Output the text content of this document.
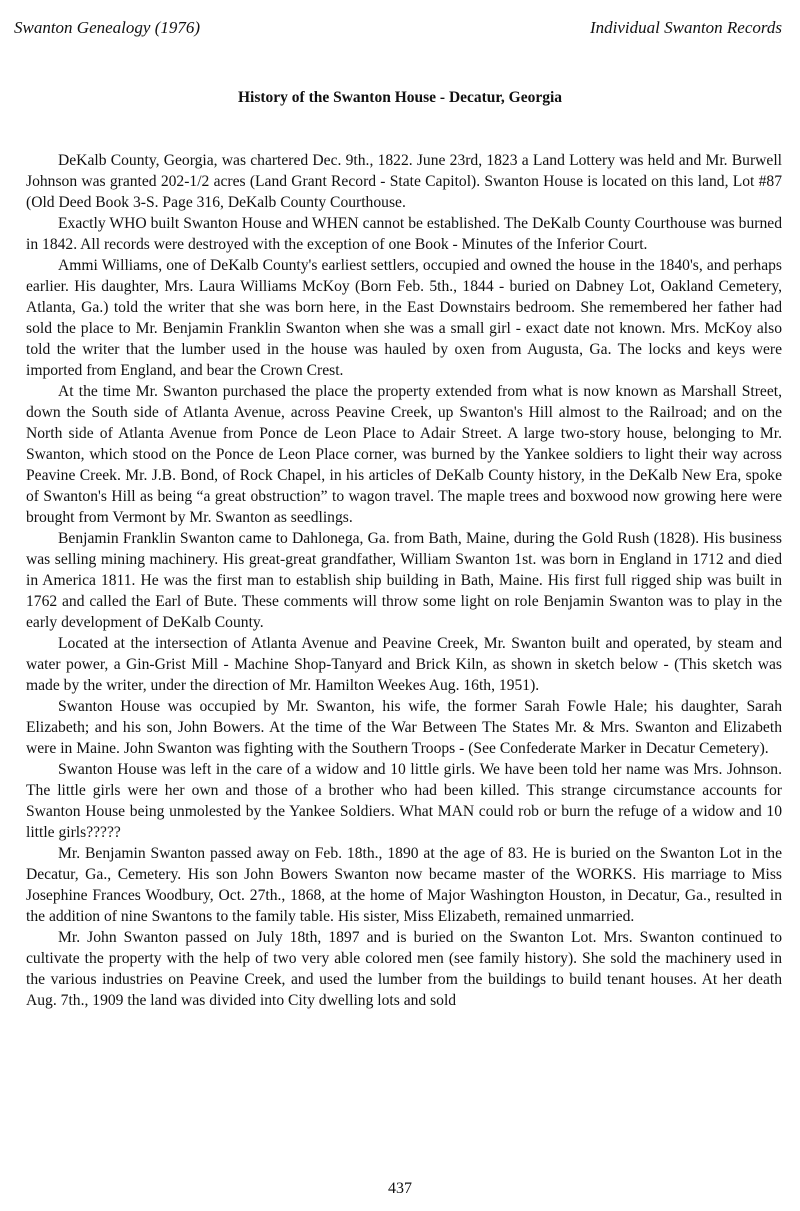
Swanton Genealogy (1976)	Individual Swanton Records
History of the Swanton House - Decatur, Georgia

DeKalb County, Georgia, was chartered Dec. 9th., 1822. June 23rd, 1823 a Land Lottery was held and Mr. Burwell Johnson was granted 202-1/2 acres (Land Grant Record - State Capitol). Swanton House is located on this land, Lot #87 (Old Deed Book 3-S. Page 316, DeKalb County Courthouse.

Exactly WHO built Swanton House and WHEN cannot be established. The DeKalb County Courthouse was burned in 1842. All records were destroyed with the exception of one Book - Minutes of the Inferior Court.

Ammi Williams, one of DeKalb County's earliest settlers, occupied and owned the house in the 1840's, and perhaps earlier. His daughter, Mrs. Laura Williams McKoy (Born Feb. 5th., 1844 - buried on Dabney Lot, Oakland Cemetery, Atlanta, Ga.) told the writer that she was born here, in the East Downstairs bedroom. She remembered her father had sold the place to Mr. Benjamin Franklin Swanton when she was a small girl - exact date not known. Mrs. McKoy also told the writer that the lumber used in the house was hauled by oxen from Augusta, Ga. The locks and keys were imported from England, and bear the Crown Crest.

At the time Mr. Swanton purchased the place the property extended from what is now known as Marshall Street, down the South side of Atlanta Avenue, across Peavine Creek, up Swanton's Hill almost to the Railroad; and on the North side of Atlanta Avenue from Ponce de Leon Place to Adair Street. A large two-story house, belonging to Mr. Swanton, which stood on the Ponce de Leon Place corner, was burned by the Yankee soldiers to light their way across Peavine Creek. Mr. J.B. Bond, of Rock Chapel, in his articles of DeKalb County history, in the DeKalb New Era, spoke of Swanton's Hill as being “a great obstruction” to wagon travel. The maple trees and boxwood now growing here were brought from Vermont by Mr. Swanton as seedlings.

Benjamin Franklin Swanton came to Dahlonega, Ga. from Bath, Maine, during the Gold Rush (1828). His business was selling mining machinery. His great-great grandfather, William Swanton 1st. was born in England in 1712 and died in America 1811. He was the first man to establish ship building in Bath, Maine. His first full rigged ship was built in 1762 and called the Earl of Bute. These comments will throw some light on role Benjamin Swanton was to play in the early development of DeKalb County.

Located at the intersection of Atlanta Avenue and Peavine Creek, Mr. Swanton built and operated, by steam and water power, a Gin-Grist Mill - Machine Shop-Tanyard and Brick Kiln, as shown in sketch below - (This sketch was made by the writer, under the direction of Mr. Hamilton Weekes Aug. 16th, 1951).

Swanton House was occupied by Mr. Swanton, his wife, the former Sarah Fowle Hale; his daughter, Sarah Elizabeth; and his son, John Bowers. At the time of the War Between The States Mr. & Mrs. Swanton and Elizabeth were in Maine. John Swanton was fighting with the Southern Troops - (See Confederate Marker in Decatur Cemetery).

Swanton House was left in the care of a widow and 10 little girls. We have been told her name was Mrs. Johnson. The little girls were her own and those of a brother who had been killed. This strange circumstance accounts for Swanton House being unmolested by the Yankee Soldiers. What MAN could rob or burn the refuge of a widow and 10 little girls?????

Mr. Benjamin Swanton passed away on Feb. 18th., 1890 at the age of 83. He is buried on the Swanton Lot in the Decatur, Ga., Cemetery. His son John Bowers Swanton now became master of the WORKS. His marriage to Miss Josephine Frances Woodbury, Oct. 27th., 1868, at the home of Major Washington Houston, in Decatur, Ga., resulted in the addition of nine Swantons to the family table. His sister, Miss Elizabeth, remained unmarried.

Mr. John Swanton passed on July 18th, 1897 and is buried on the Swanton Lot. Mrs. Swanton continued to cultivate the property with the help of two very able colored men (see family history). She sold the machinery used in the various industries on Peavine Creek, and used the lumber from the buildings to build tenant houses. At her death Aug. 7th., 1909 the land was divided into City dwelling lots and sold

437
